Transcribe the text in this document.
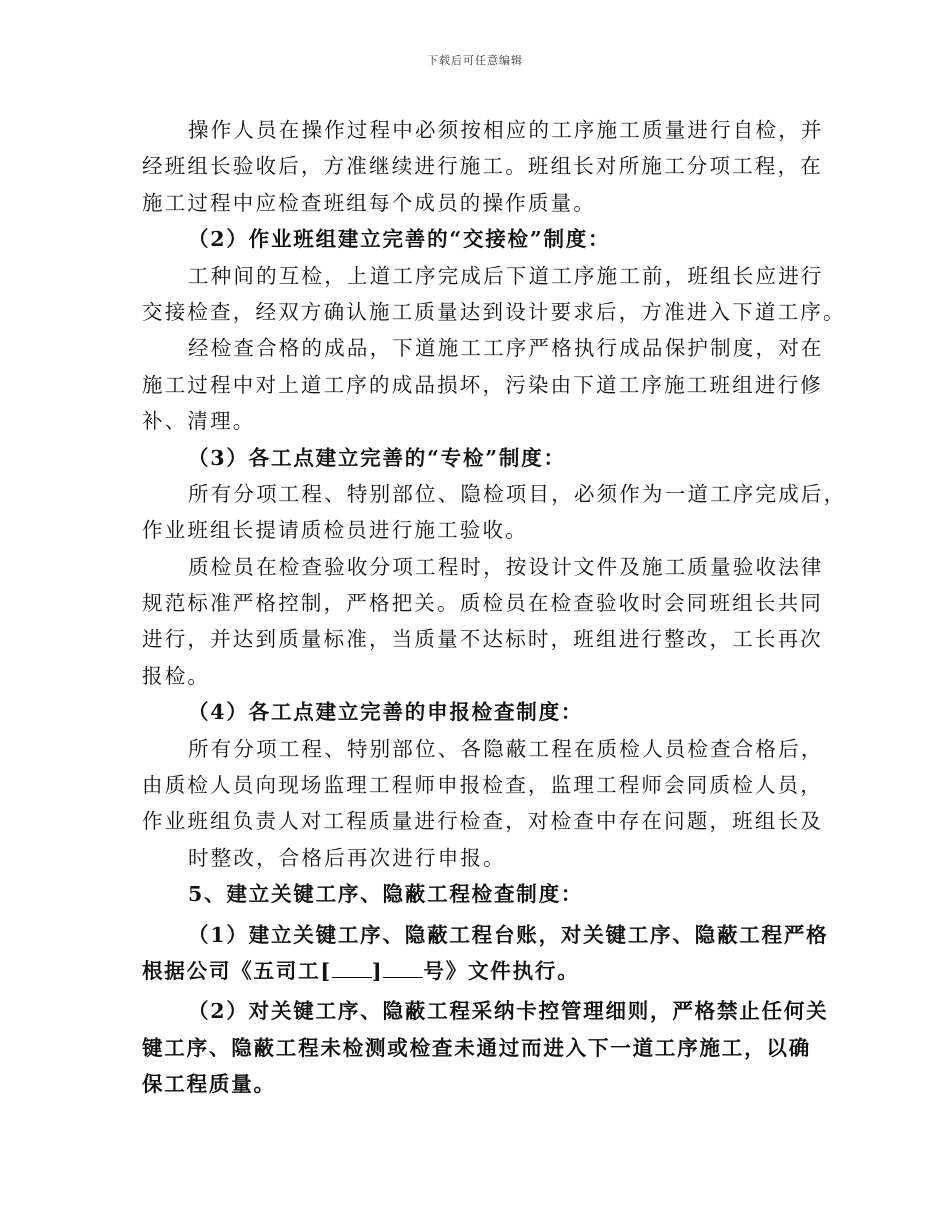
下载后可任意编辑
操作人员在操作过程中必须按相应的工序施工质量进行自检，并
经班组长验收后，方准继续进行施工。班组长对所施工分项工程，在
施工过程中应检查班组每个成员的操作质量。
（2）作业班组建立完善的“交接检”制度：
工种间的互检，上道工序完成后下道工序施工前，班组长应进行
交接检查，经双方确认施工质量达到设计要求后，方准进入下道工序。
经检查合格的成品，下道施工工序严格执行成品保护制度，对在
施工过程中对上道工序的成品损坏，污染由下道工序施工班组进行修
补、清理。
（3）各工点建立完善的“专检”制度：
所有分项工程、特别部位、隐检项目，必须作为一道工序完成后，
作业班组长提请质检员进行施工验收。
质检员在检查验收分项工程时，按设计文件及施工质量验收法律
规范标准严格控制，严格把关。质检员在检查验收时会同班组长共同
进行，并达到质量标准，当质量不达标时，班组进行整改，工长再次
报检。
（4）各工点建立完善的申报检查制度：
所有分项工程、特别部位、各隐蔽工程在质检人员检查合格后，
由质检人员向现场监理工程师申报检查，监理工程师会同质检人员，
作业班组负责人对工程质量进行检查，对检查中存在问题，班组长及
时整改，合格后再次进行申报。
5、建立关键工序、隐蔽工程检查制度：
（1）建立关键工序、隐蔽工程台账，对关键工序、隐蔽工程严格
根据公司《五司工[ ] 号》文件执行。
（2）对关键工序、隐蔽工程采纳卡控管理细则，严格禁止任何关
键工序、隐蔽工程未检测或检查未通过而进入下一道工序施工，以确
保工程质量。
